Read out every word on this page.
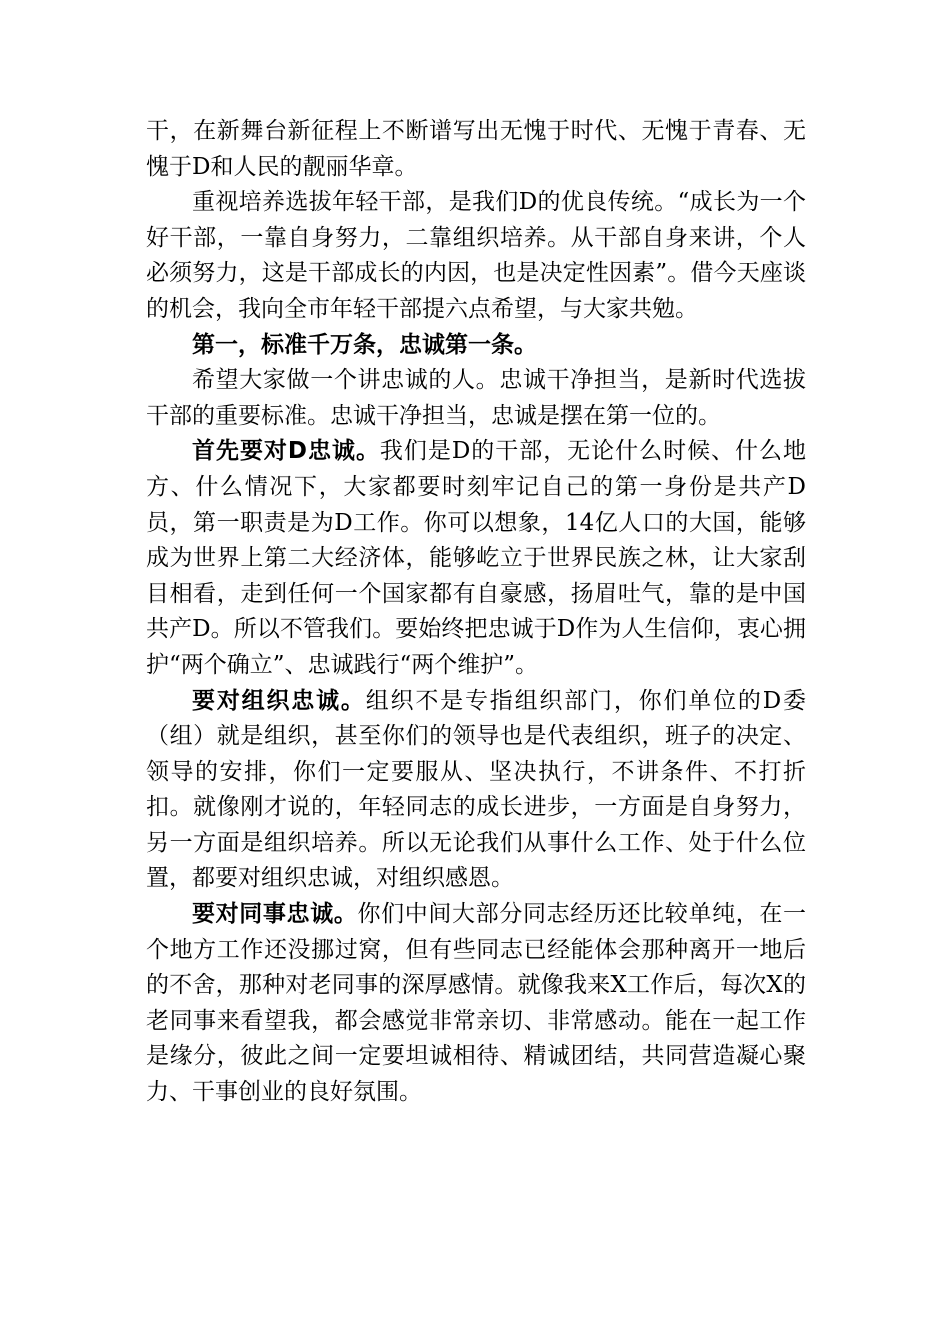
干，在新舞台新征程上不断谱写出无愧于时代、无愧于青春、无愧于D和人民的靓丽华章。

重视培养选拔年轻干部，是我们D的优良传统。“成长为一个好干部，一靠自身努力，二靠组织培养。从干部自身来讲，个人必须努力，这是干部成长的内因，也是决定性因素”。借今天座谈的机会，我向全市年轻干部提六点希望，与大家共勉。

第一，标准千万条，忠诚第一条。

希望大家做一个讲忠诚的人。忠诚干净担当，是新时代选拔干部的重要标准。忠诚干净担当，忠诚是摆在第一位的。

首先要对D忠诚。我们是D的干部，无论什么时候、什么地方、什么情况下，大家都要时刻牢记自己的第一身份是共产D员，第一职责是为D工作。你可以想象，14亿人口的大国，能够成为世界上第二大经济体，能够屹立于世界民族之林，让大家刮目相看，走到任何一个国家都有自豪感，扬眉吐气，靠的是中国共产D。所以不管我们。要始终把忠诚于D作为人生信仰，衷心拥护“两个确立”、忠诚践行“两个维护”。

要对组织忠诚。组织不是专指组织部门，你们单位的D委（组）就是组织，甚至你们的领导也是代表组织，班子的决定、领导的安排，你们一定要服从、坚决执行，不讲条件、不打折扣。就像刚才说的，年轻同志的成长进步，一方面是自身努力，另一方面是组织培养。所以无论我们从事什么工作、处于什么位置，都要对组织忠诚，对组织感恩。

要对同事忠诚。你们中间大部分同志经历还比较单纯，在一个地方工作还没挪过窝，但有些同志已经能体会那种离开一地后的不舍，那种对老同事的深厚感情。就像我来X工作后，每次X的老同事来看望我，都会感觉非常亲切、非常感动。能在一起工作是缘分，彼此之间一定要坦诚相待、精诚团结，共同营造凝心聚力、干事创业的良好氛围。
